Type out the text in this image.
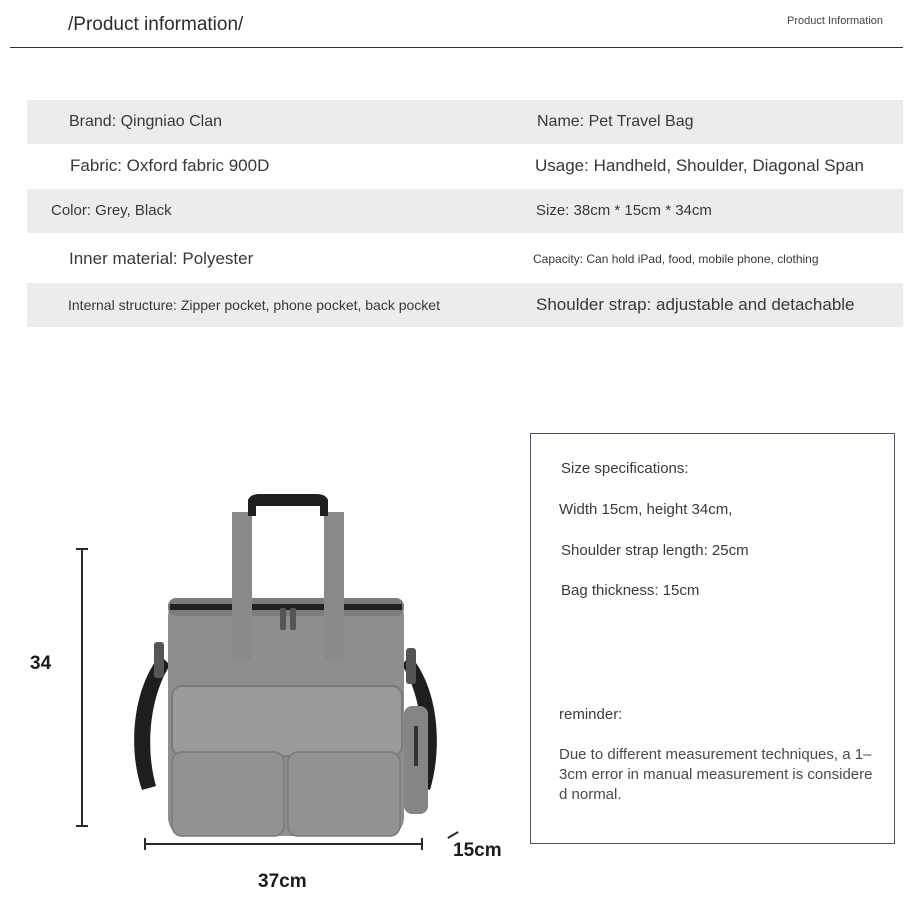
/Product information/	Product Information
Brand: Qingniao Clan	Name: Pet Travel Bag
Fabric: Oxford fabric 900D	Usage: Handheld, Shoulder, Diagonal Span
Color: Grey, Black	Size: 38cm * 15cm * 34cm
Inner material: Polyester	Capacity: Can hold iPad, food, mobile phone, clothing
Internal structure: Zipper pocket, phone pocket, back pocket	Shoulder strap: adjustable and detachable
34
37cm
15cm
Size specifications:
Width 15cm, height 34cm,
Shoulder strap length: 25cm
Bag thickness: 15cm
reminder:
Due to different measurement techniques, a 1–3cm error in manual measurement is considered normal.
